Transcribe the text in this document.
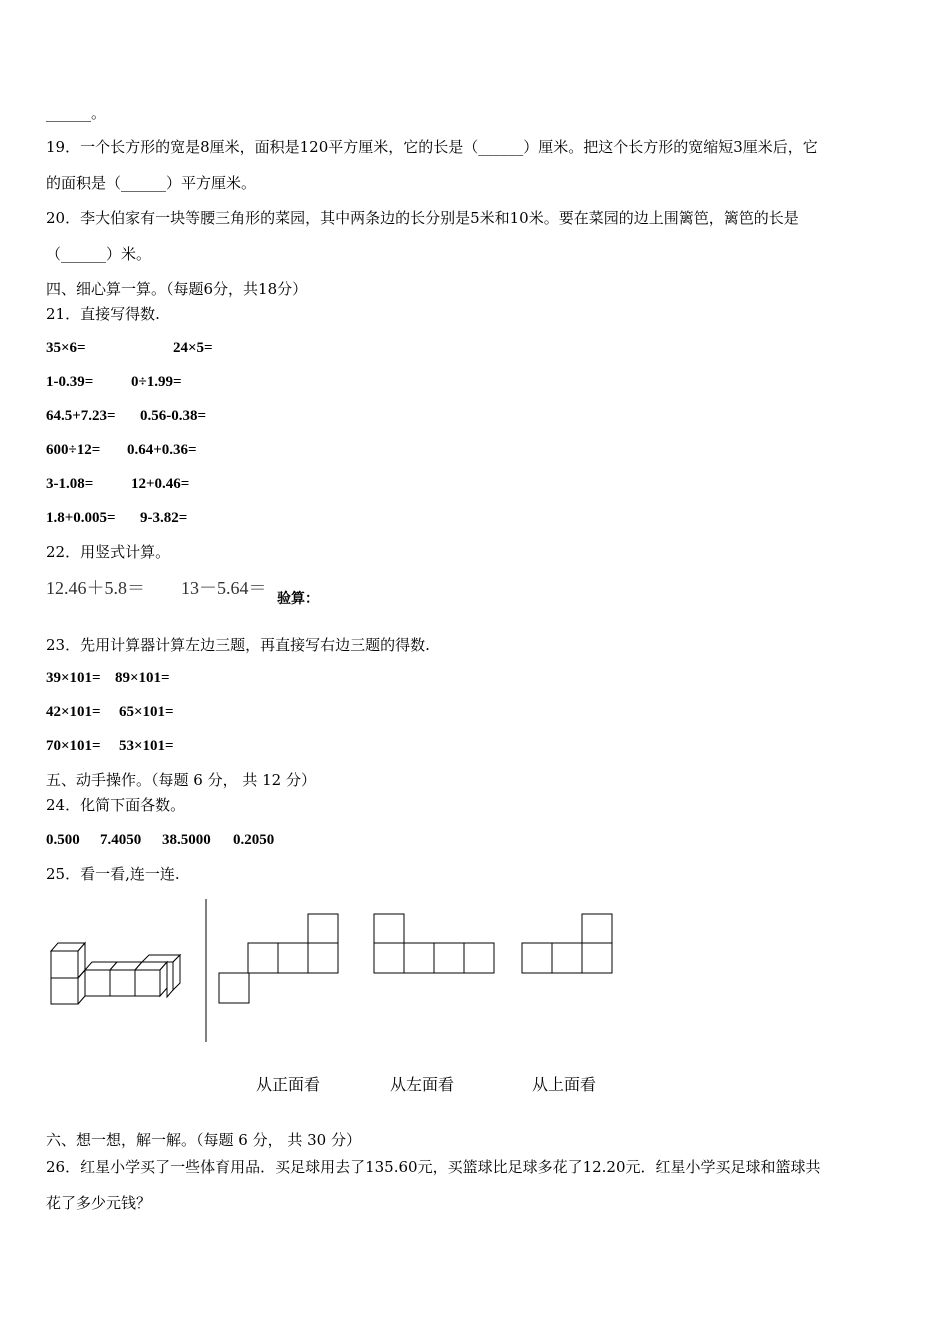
______。
19．一个长方形的宽是8厘米，面积是120平方厘米，它的长是（______）厘米。把这个长方形的宽缩短3厘米后，它
的面积是（______）平方厘米。
20．李大伯家有一块等腰三角形的菜园，其中两条边的长分别是5米和10米。要在菜园的边上围篱笆，篱笆的长是
（______）米。
四、细心算一算。（每题6分，共18分）
21．直接写得数.
35×6=	24×5=
1-0.39=	0÷1.99=
64.5+7.23= 0.56-0.38=
600÷12= 0.64+0.36=
3-1.08=	12+0.46=
1.8+0.005= 9-3.82=
22．用竖式计算。
12.46＋5.8＝ 13－5.64＝
验算：
23．先用计算器计算左边三题，再直接写右边三题的得数.
39×101= 89×101=
42×101= 65×101=
70×101= 53×101=
五、动手操作。（每题 6 分， 共 12 分）
24．化简下面各数。
0.500 7.4050 38.5000 0.2050
25．看一看,连一连.
从正面看	从左面看	从上面看
六、想一想，解一解。（每题 6 分， 共 30 分）
26．红星小学买了一些体育用品．买足球用去了135.60元，买篮球比足球多花了12.20元．红星小学买足球和篮球共
花了多少元钱？
